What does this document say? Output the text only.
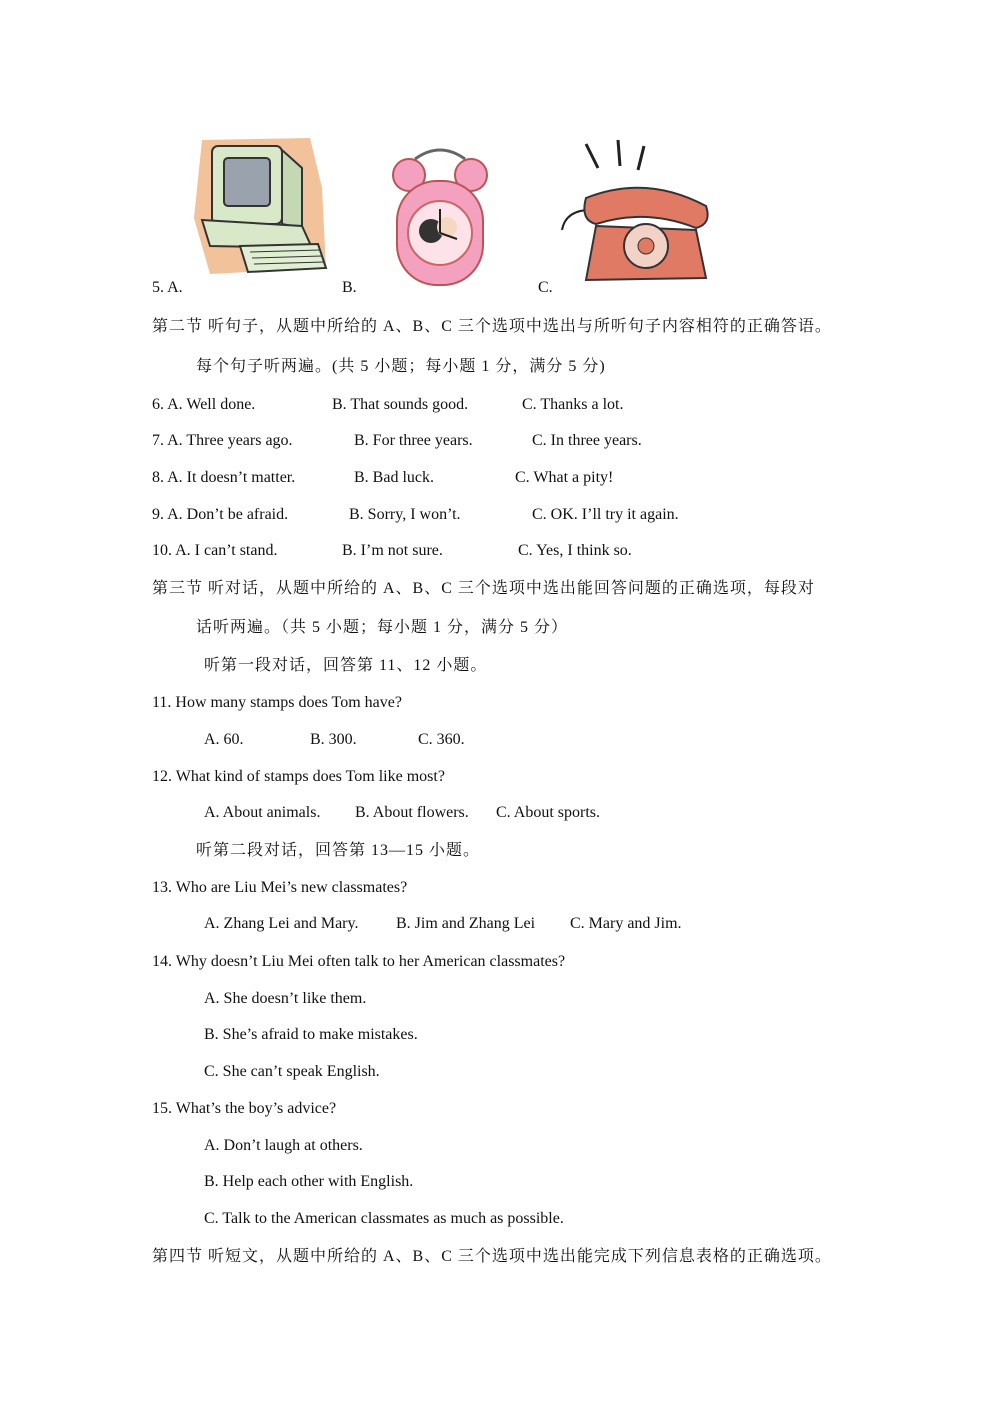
5. A.	B.	C.
第二节 听句子，从题中所给的 A、B、C 三个选项中选出与所听句子内容相符的正确答语。
每个句子听两遍。(共 5 小题；每小题 1 分，满分 5 分)
6. A. Well done.	B. That sounds good.	C. Thanks a lot.
7. A. Three years ago.	B. For three years.	C. In three years.
8. A. It doesn’t matter.	B. Bad luck.	C. What a pity!
9. A. Don’t be afraid.	B. Sorry, I won’t.	C. OK. I’ll try it again.
10. A. I can’t stand.	B. I’m not sure.	C. Yes, I think so.
第三节 听对话，从题中所给的 A、B、C 三个选项中选出能回答问题的正确选项，每段对
话听两遍。（共 5 小题；每小题 1 分，满分 5 分）
听第一段对话，回答第 11、12 小题。
11. How many stamps does Tom have?
A. 60.	B. 300.	C. 360.
12. What kind of stamps does Tom like most?
A. About animals. B. About flowers. C. About sports.
听第二段对话，回答第 13—15 小题。
13. Who are Liu Mei’s new classmates?
A. Zhang Lei and Mary. B. Jim and Zhang Lei C. Mary and Jim.
14. Why doesn’t Liu Mei often talk to her American classmates?
A. She doesn’t like them.
B. She’s afraid to make mistakes.
C. She can’t speak English.
15. What’s the boy’s advice?
A. Don’t laugh at others.
B. Help each other with English.
C. Talk to the American classmates as much as possible.
第四节 听短文，从题中所给的 A、B、C 三个选项中选出能完成下列信息表格的正确选项。
